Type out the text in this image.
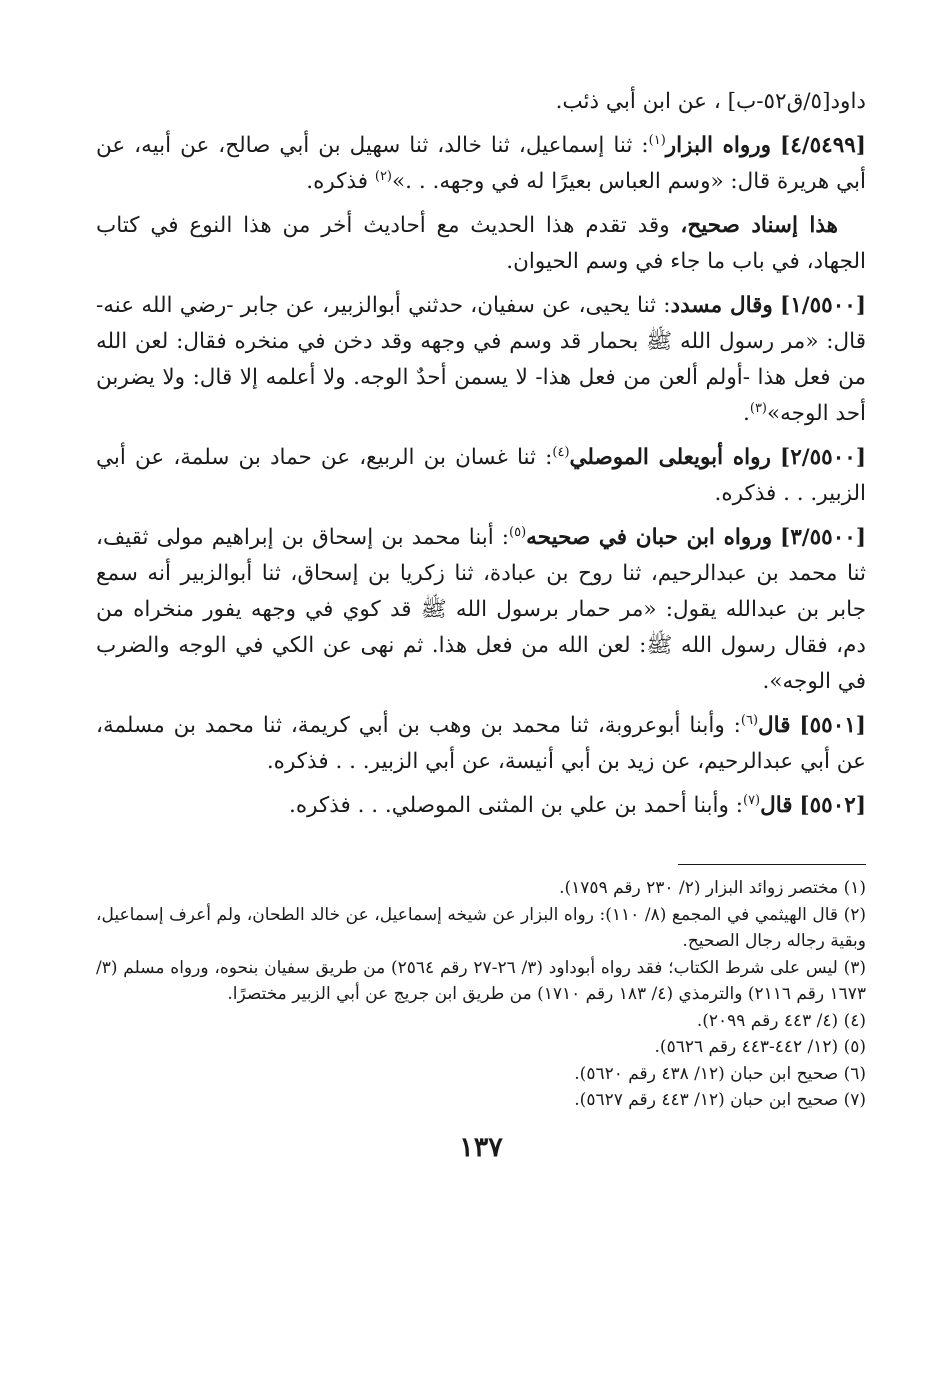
داود[٥/ق٥٢-ب] ، عن ابن أبي ذئب.

[٤/٥٤٩٩] ورواه البزار$^{(١)}$: ثنا إسماعيل، ثنا خالد، ثنا سهيل بن أبي صالح، عن أبيه، عن أبي هريرة قال: «وسم العباس بعيرًا له في وجهه. . .»$^{(٢)}$ فذكره.

هذا إسناد صحيح، وقد تقدم هذا الحديث مع أحاديث أخر من هذا النوع في كتاب الجهاد، في باب ما جاء في وسم الحيوان.

[١/٥٥٠٠] وقال مسدد: ثنا يحيى، عن سفيان، حدثني أبوالزبير، عن جابر -رضي الله عنه- قال: «مر رسول الله ﷺ بحمار قد وسم في وجهه وقد دخن في منخره فقال: لعن الله من فعل هذا -أولم ألعن من فعل هذا- لا يسمن أحدٌ الوجه. ولا أعلمه إلا قال: ولا يضربن أحد الوجه»$^{(٣)}$.

[٢/٥٥٠٠] رواه أبويعلى الموصلي$^{(٤)}$: ثنا غسان بن الربيع، عن حماد بن سلمة، عن أبي الزبير. . . فذكره.

[٣/٥٥٠٠] ورواه ابن حبان في صحيحه$^{(٥)}$: أبنا محمد بن إسحاق بن إبراهيم مولى ثقيف، ثنا محمد بن عبدالرحيم، ثنا روح بن عبادة، ثنا زكريا بن إسحاق، ثنا أبوالزبير أنه سمع جابر بن عبدالله يقول: «مر حمار برسول الله ﷺ قد كوي في وجهه يفور منخراه من دم، فقال رسول الله ﷺ: لعن الله من فعل هذا. ثم نهى عن الكي في الوجه والضرب في الوجه».

[٥٥٠١] قال$^{(٦)}$: وأبنا أبوعروبة، ثنا محمد بن وهب بن أبي كريمة، ثنا محمد بن مسلمة، عن أبي عبدالرحيم، عن زيد بن أبي أنيسة، عن أبي الزبير. . . فذكره.

[٥٥٠٢] قال$^{(٧)}$: وأبنا أحمد بن علي بن المثنى الموصلي. . . فذكره.

(١) مختصر زوائد البزار (٢/ ٢٣٠ رقم ١٧٥٩).

(٢) قال الهيثمي في المجمع (٨/ ١١٠): رواه البزار عن شيخه إسماعيل، عن خالد الطحان، ولم أعرف إسماعيل، وبقية رجاله رجال الصحيح.

(٣) ليس على شرط الكتاب؛ فقد رواه أبوداود (٣/ ٢٦-٢٧ رقم ٢٥٦٤) من طريق سفيان بنحوه، ورواه مسلم (٣/ ١٦٧٣ رقم ٢١١٦) والترمذي (٤/ ١٨٣ رقم ١٧١٠) من طريق ابن جريج عن أبي الزبير مختصرًا.

(٤) (٤/ ٤٤٣ رقم ٢٠٩٩).

(٥) (١٢/ ٤٤٢-٤٤٣ رقم ٥٦٢٦).

(٦) صحيح ابن حبان (١٢/ ٤٣٨ رقم ٥٦٢٠).

(٧) صحيح ابن حبان (١٢/ ٤٤٣ رقم ٥٦٢٧).

١٣٧
